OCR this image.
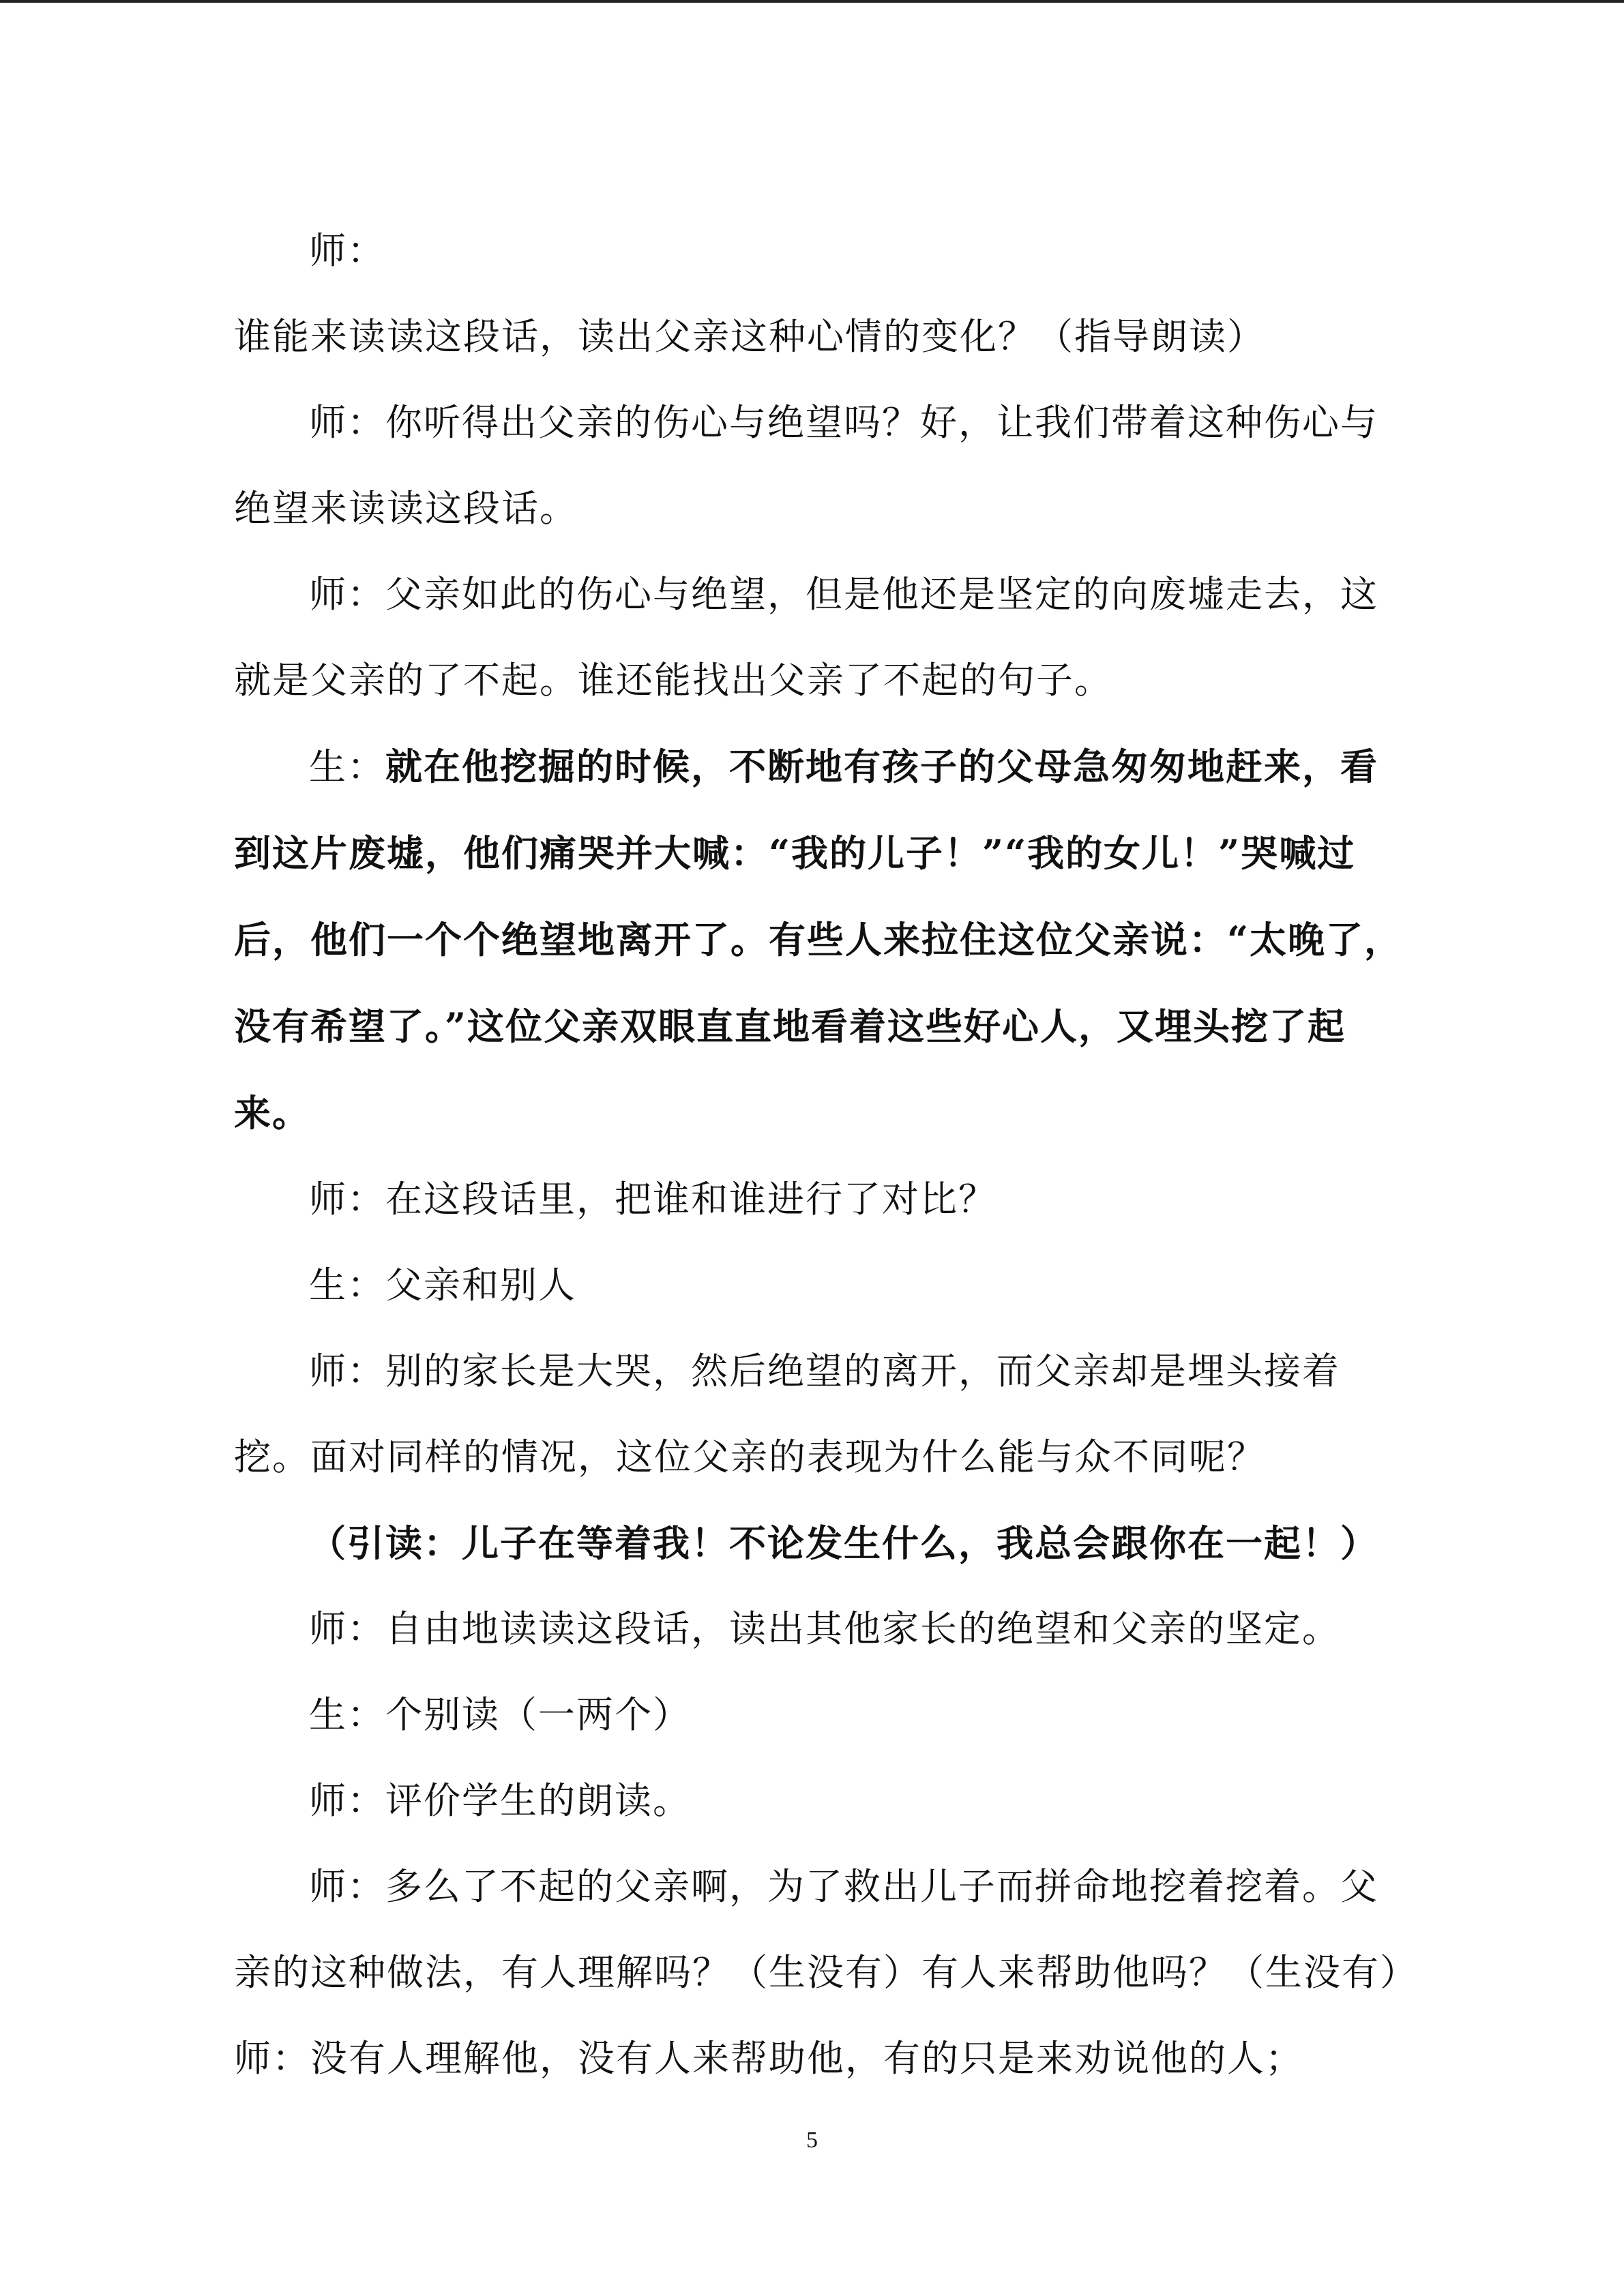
师：谁能来读读这段话，读出父亲这种心情的变化？（指导朗读）

师：你听得出父亲的伤心与绝望吗？好，让我们带着这种伤心与绝望来读读这段话。

师：父亲如此的伤心与绝望，但是他还是坚定的向废墟走去，这就是父亲的了不起。谁还能找出父亲了不起的句子。

生：就在他挖掘的时候，不断地有孩子的父母急匆匆地赶来，看到这片废墟，他们痛哭并大喊：“我的儿子！”“我的女儿！”哭喊过后，他们一个个绝望地离开了。有些人来拉住这位父亲说：“太晚了，没有希望了。”这位父亲双眼直直地看着这些好心人，又埋头挖了起来。

师：在这段话里，把谁和谁进行了对比？

生：父亲和别人

师：别的家长是大哭，然后绝望的离开，而父亲却是埋头接着挖。面对同样的情况，这位父亲的表现为什么能与众不同呢？

（引读：儿子在等着我！不论发生什么，我总会跟你在一起！）

师：自由地读读这段话，读出其他家长的绝望和父亲的坚定。

生：个别读（一两个）

师：评价学生的朗读。

师：多么了不起的父亲啊，为了救出儿子而拼命地挖着挖着。父亲的这种做法，有人理解吗？（生没有）有人来帮助他吗？（生没有）师：没有人理解他，没有人来帮助他，有的只是来劝说他的人；

5
